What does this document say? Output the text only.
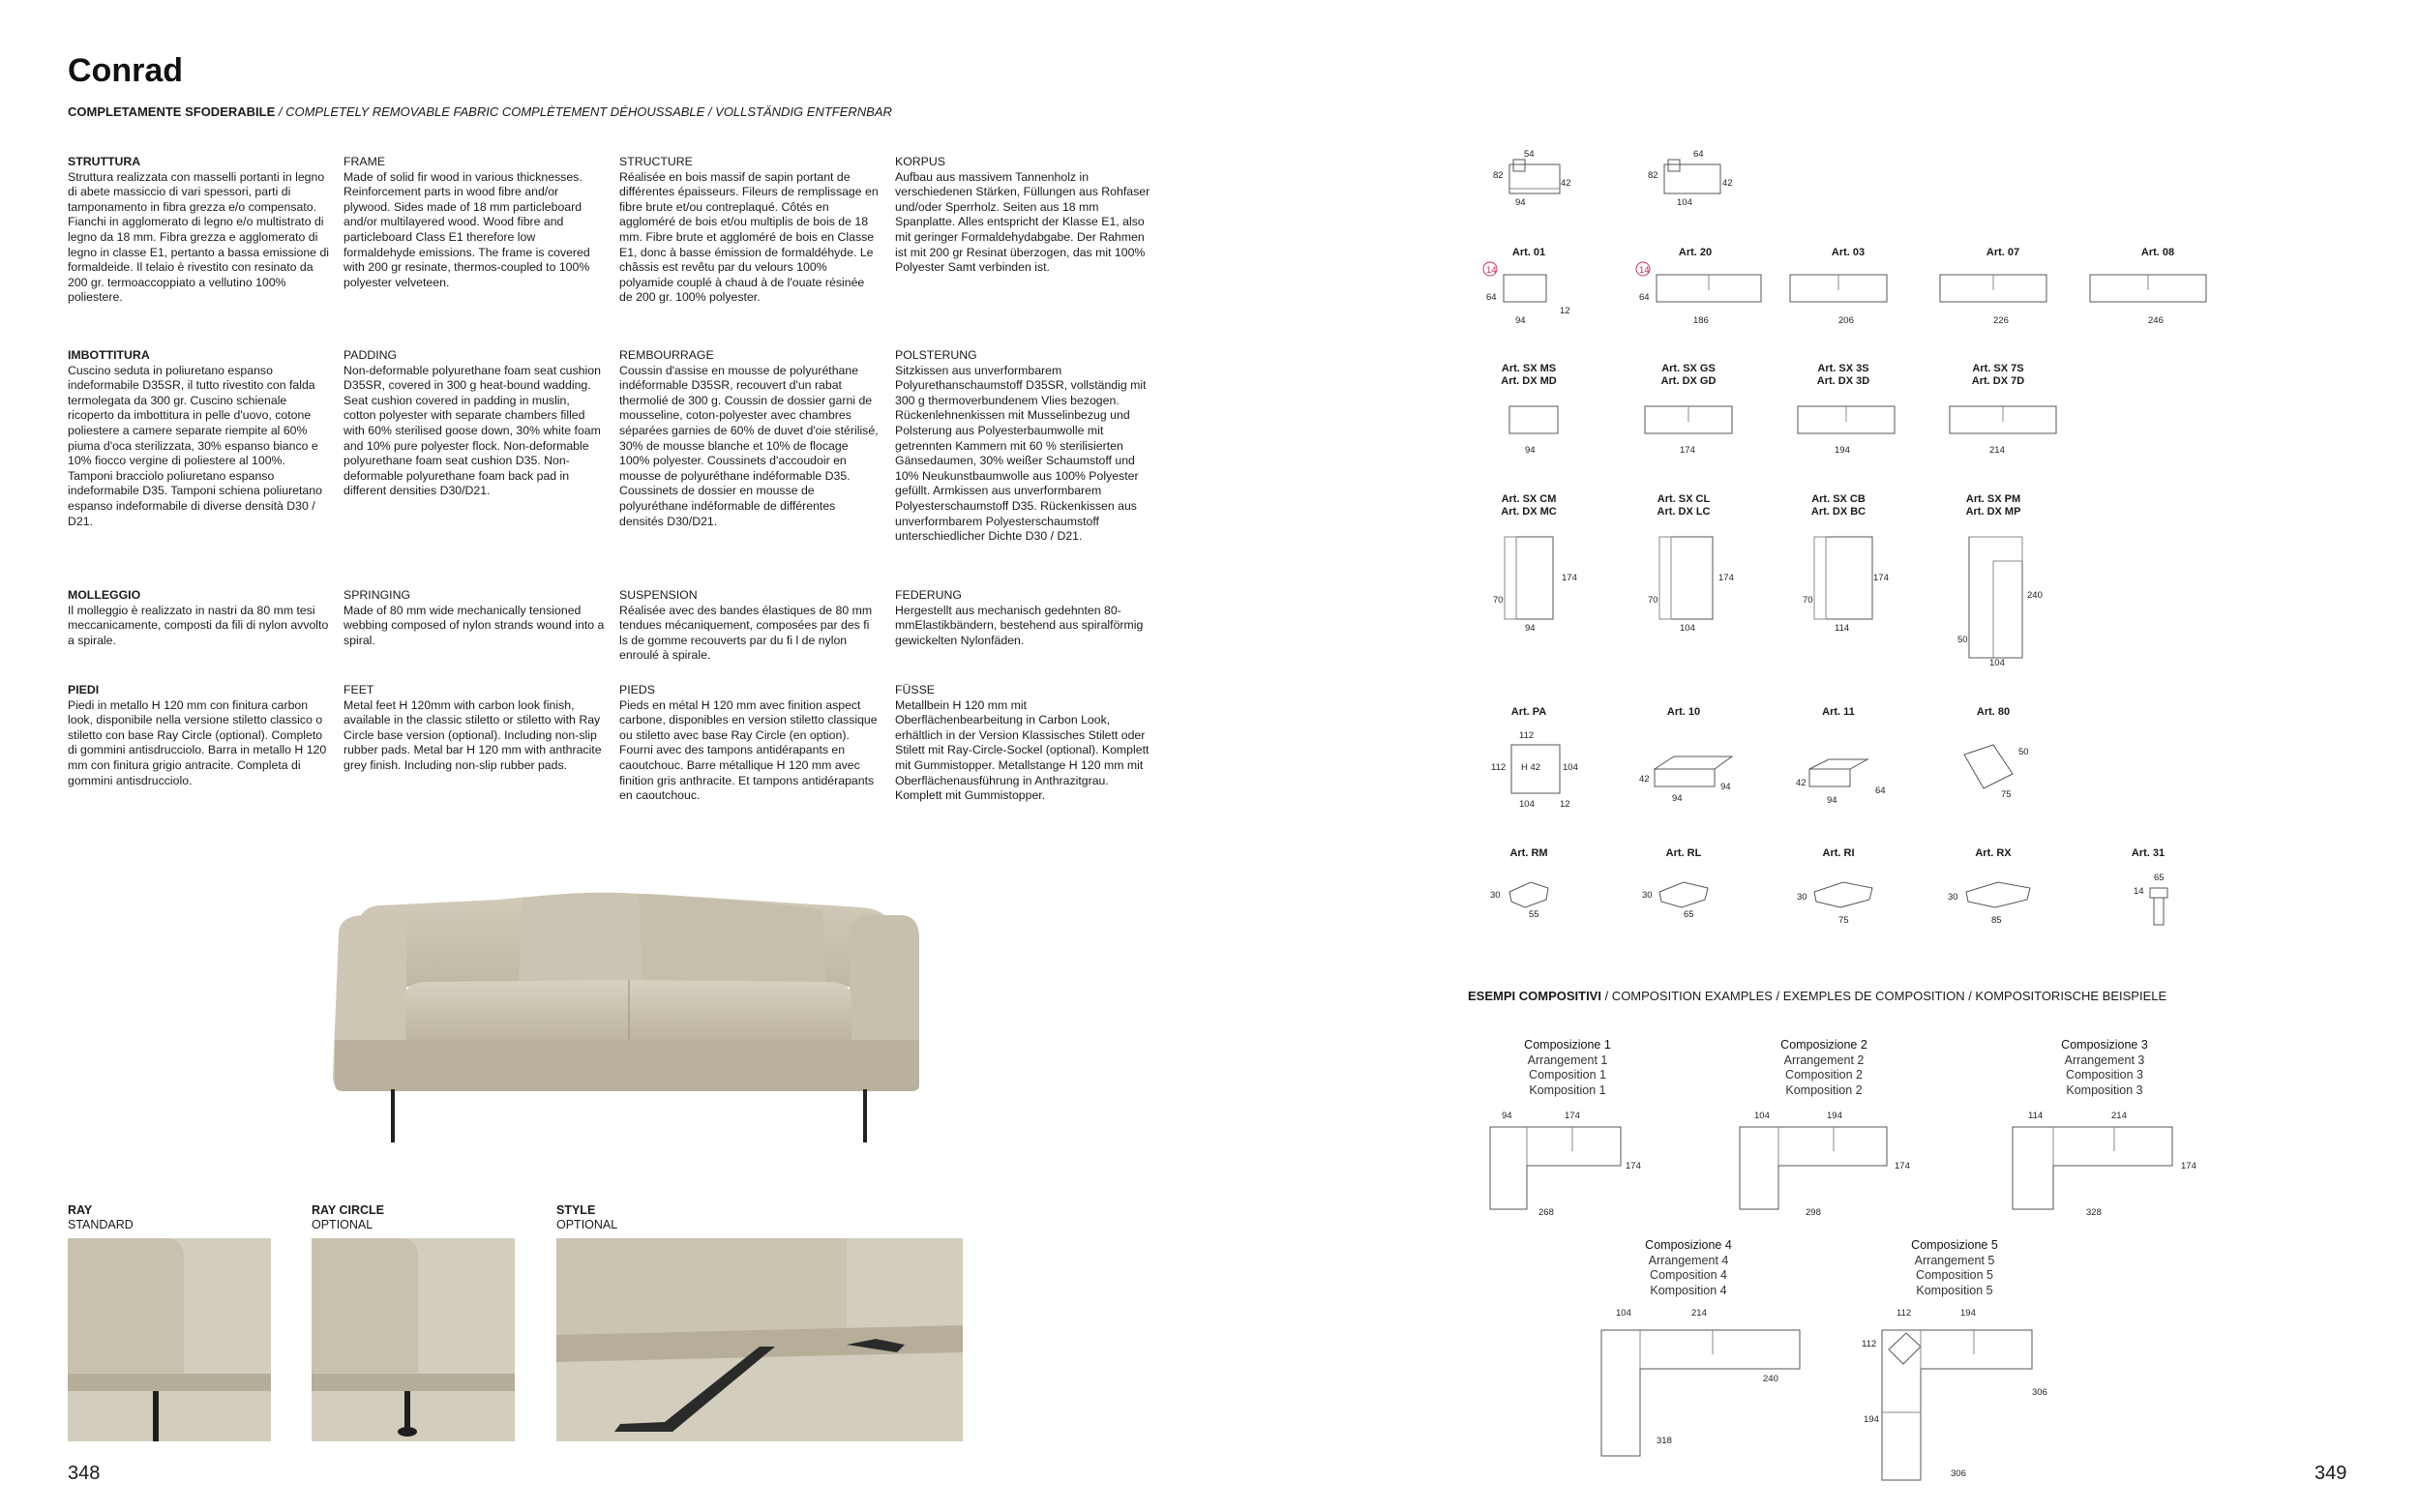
Conrad
COMPLETAMENTE SFODERABILE / COMPLETELY REMOVABLE FABRIC COMPLÈTEMENT DÉHOUSSABLE / VOLLSTÄNDIG ENTFERNBAR
STRUTTURA
Struttura realizzata con masselli portanti in legno di abete massiccio di vari spessori, parti di tamponamento in fibra grezza e/o compensato. Fianchi in agglomerato di legno e/o multistrato di legno da 18 mm. Fibra grezza e agglomerato di legno in classe E1, pertanto a bassa emissione di formaldeide. Il telaio è rivestito con resinato da 200 gr. termoaccoppiato a vellutino 100% poliestere.
IMBOTTITURA
Cuscino seduta in poliuretano espanso indeformabile D35SR, il tutto rivestito con falda termolegata da 300 gr. Cuscino schienale ricoperto da imbottitura in pelle d'uovo, cotone poliestere a camere separate riempite al 60% piuma d'oca sterilizzata, 30% espanso bianco e 10% fiocco vergine di poliestere al 100%. Tamponi bracciolo poliuretano espanso indeformabile D35. Tamponi schiena poliuretano espanso indeformabile di diverse densità D30 / D21.
MOLLEGGIO
Il molleggio è realizzato in nastri da 80 mm tesi meccanicamente, composti da fili di nylon avvolto a spirale.
PIEDI
Piedi in metallo H 120 mm con finitura carbon look, disponibile nella versione stiletto classico o stiletto con base Ray Circle (optional). Completo di gommini antisdrucciolo. Barra in metallo H 120 mm con finitura grigio antracite. Completa di gommini antisdrucciolo.
FRAME
Made of solid fir wood in various thicknesses. Reinforcement parts in wood fibre and/or plywood. Sides made of 18 mm particleboard and/or multilayered wood. Wood fibre and particleboard Class E1 therefore low formaldehyde emissions. The frame is covered with 200 gr resinate, thermos-coupled to 100% polyester velveteen.
PADDING
Non-deformable polyurethane foam seat cushion D35SR, covered in 300 g heat-bound wadding. Seat cushion covered in padding in muslin, cotton polyester with separate chambers filled with 60% sterilised goose down, 30% white foam and 10% pure polyester flock. Non-deformable polyurethane foam seat cushion D35. Non-deformable polyurethane foam back pad in different densities D30/D21.
SPRINGING
Made of 80 mm wide mechanically tensioned webbing composed of nylon strands wound into a spiral.
FEET
Metal feet H 120mm with carbon look finish, available in the classic stiletto or stiletto with Ray Circle base version (optional). Including non-slip rubber pads. Metal bar H 120 mm with anthracite grey finish. Including non-slip rubber pads.
STRUCTURE
Réalisée en bois massif de sapin portant de différentes épaisseurs. Fileurs de remplissage en fibre brute et/ou contreplaqué. Côtés en aggloméré de bois et/ou multiplis de bois de 18 mm. Fibre brute et aggloméré de bois en Classe E1, donc à basse émission de formaldéhyde. Le châssis est revêtu par du velours 100% polyamide couplé à chaud à de l'ouate résinée de 200 gr. 100% polyester.
REMBOURRAGE
Coussin d'assise en mousse de polyuréthane indéformable D35SR, recouvert d'un rabat thermolié de 300 g. Coussin de dossier garni de mousseline, coton-polyester avec chambres séparées garnies de 60% de duvet d'oie stérilisé, 30% de mousse blanche et 10% de flocage 100% polyester. Coussinets d'accoudoir en mousse de polyuréthane indéformable D35. Coussinets de dossier en mousse de polyuréthane indéformable de différentes densités D30/D21.
SUSPENSION
Réalisée avec des bandes élastiques de 80 mm tendues mécaniquement, composées par des fi ls de gomme recouverts par du fi l de nylon enroulé à spirale.
PIEDS
Pieds en métal H 120 mm avec finition aspect carbone, disponibles en version stiletto classique ou stiletto avec base Ray Circle (en option). Fourni avec des tampons antidérapants en caoutchouc. Barre métallique H 120 mm avec finition gris anthracite. Et tampons antidérapants en caoutchouc.
KORPUS
Aufbau aus massivem Tannenholz in verschiedenen Stärken, Füllungen aus Rohfaser und/oder Sperrholz. Seiten aus 18 mm Spanplatte. Alles entspricht der Klasse E1, also mit geringer Formaldehydabgabe. Der Rahmen ist mit 200 gr Resinat überzogen, das mit 100% Polyester Samt verbinden ist.
POLSTERUNG
Sitzkissen aus unverformbarem Polyurethanschaumstoff D35SR, vollständig mit 300 g thermoverbundenem Vlies bezogen. Rückenlehnenkissen mit Musselinbezug und Polsterung aus Polyesterbaumwolle mit getrennten Kammern mit 60 % sterilisierten Gänsedaumen, 30% weißer Schaumstoff und 10% Neukunstbaumwolle aus 100% Polyester gefüllt. Armkissen aus unverformbarem Polyesterschaumstoff D35. Rückenkissen aus unverformbarem Polyesterschaumstoff unterschiedlicher Dichte D30 / D21.
FEDERUNG
Hergestellt aus mechanisch gedehnten 80-mmElastikbändern, bestehend aus spiralförmig gewickelten Nylonfäden.
FÜSSE
Metallbein H 120 mm mit Oberflächenbearbeitung in Carbon Look, erhältlich in der Version Klassisches Stilett oder Stilett mit Ray-Circle-Sockel (optional). Komplett mit Gummistopper. Metallstange H 120 mm mit Oberflächenausführung in Anthrazitgrau. Komplett mit Gummistopper.
RAY
STANDARD
RAY CIRCLE
OPTIONAL
STYLE
OPTIONAL
348	349
54
82
42
94
64
82
42
104
Art. 01	Art. 20	Art. 03	Art. 07	Art. 08
14
64
12
94
14
64
186	206	226	246
Art. SX MS
Art. DX MD
Art. SX GS
Art. DX GD
Art. SX 3S
Art. DX 3D
Art. SX 7S
Art. DX 7D
94	174	194	214
Art. SX CM
Art. DX MC
Art. SX CL
Art. DX LC
Art. SX CB
Art. DX BC
Art. SX PM
Art. DX MP
174
70
94
174
70
104
174
70
114
240
50
104
Art. PA	Art. 10	Art. 11	Art. 80
112
112 H 42 104
104	12
42
94
94	42
94
64
50
75
Art. RM	Art. RL	Art. RI	Art. RX	Art. 31
30
55
30
65
30
75
30
85
65
14
ESEMPI COMPOSITIVI / COMPOSITION EXAMPLES / EXEMPLES DE COMPOSITION / KOMPOSITORISCHE BEISPIELE
Composizione 1
Arrangement 1
Composition 1
Komposition 1
Composizione 2
Arrangement 2
Composition 2
Komposition 2
Composizione 3
Arrangement 3
Composition 3
Komposition 3
Composizione 4
Arrangement 4
Composition 4
Komposition 4
Composizione 5
Arrangement 5
Composition 5
Komposition 5
94	174
174
268
104	194
174
298
114	214
174
328
104	214
240
318
112	194
112
306
194
306
